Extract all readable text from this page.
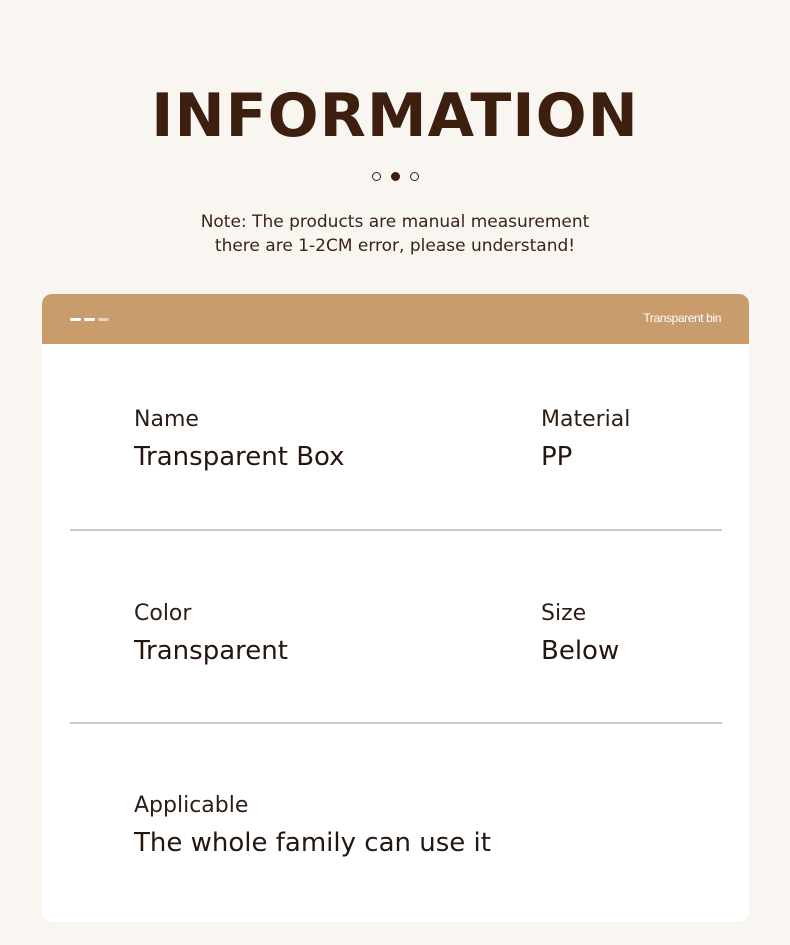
INFORMATION
Note: The products are manual measurement
there are 1-2CM error, please understand!
Transparent bin
Name
Transparent Box
Material
PP
Color
Transparent
Size
Below
Applicable
The whole family can use it
